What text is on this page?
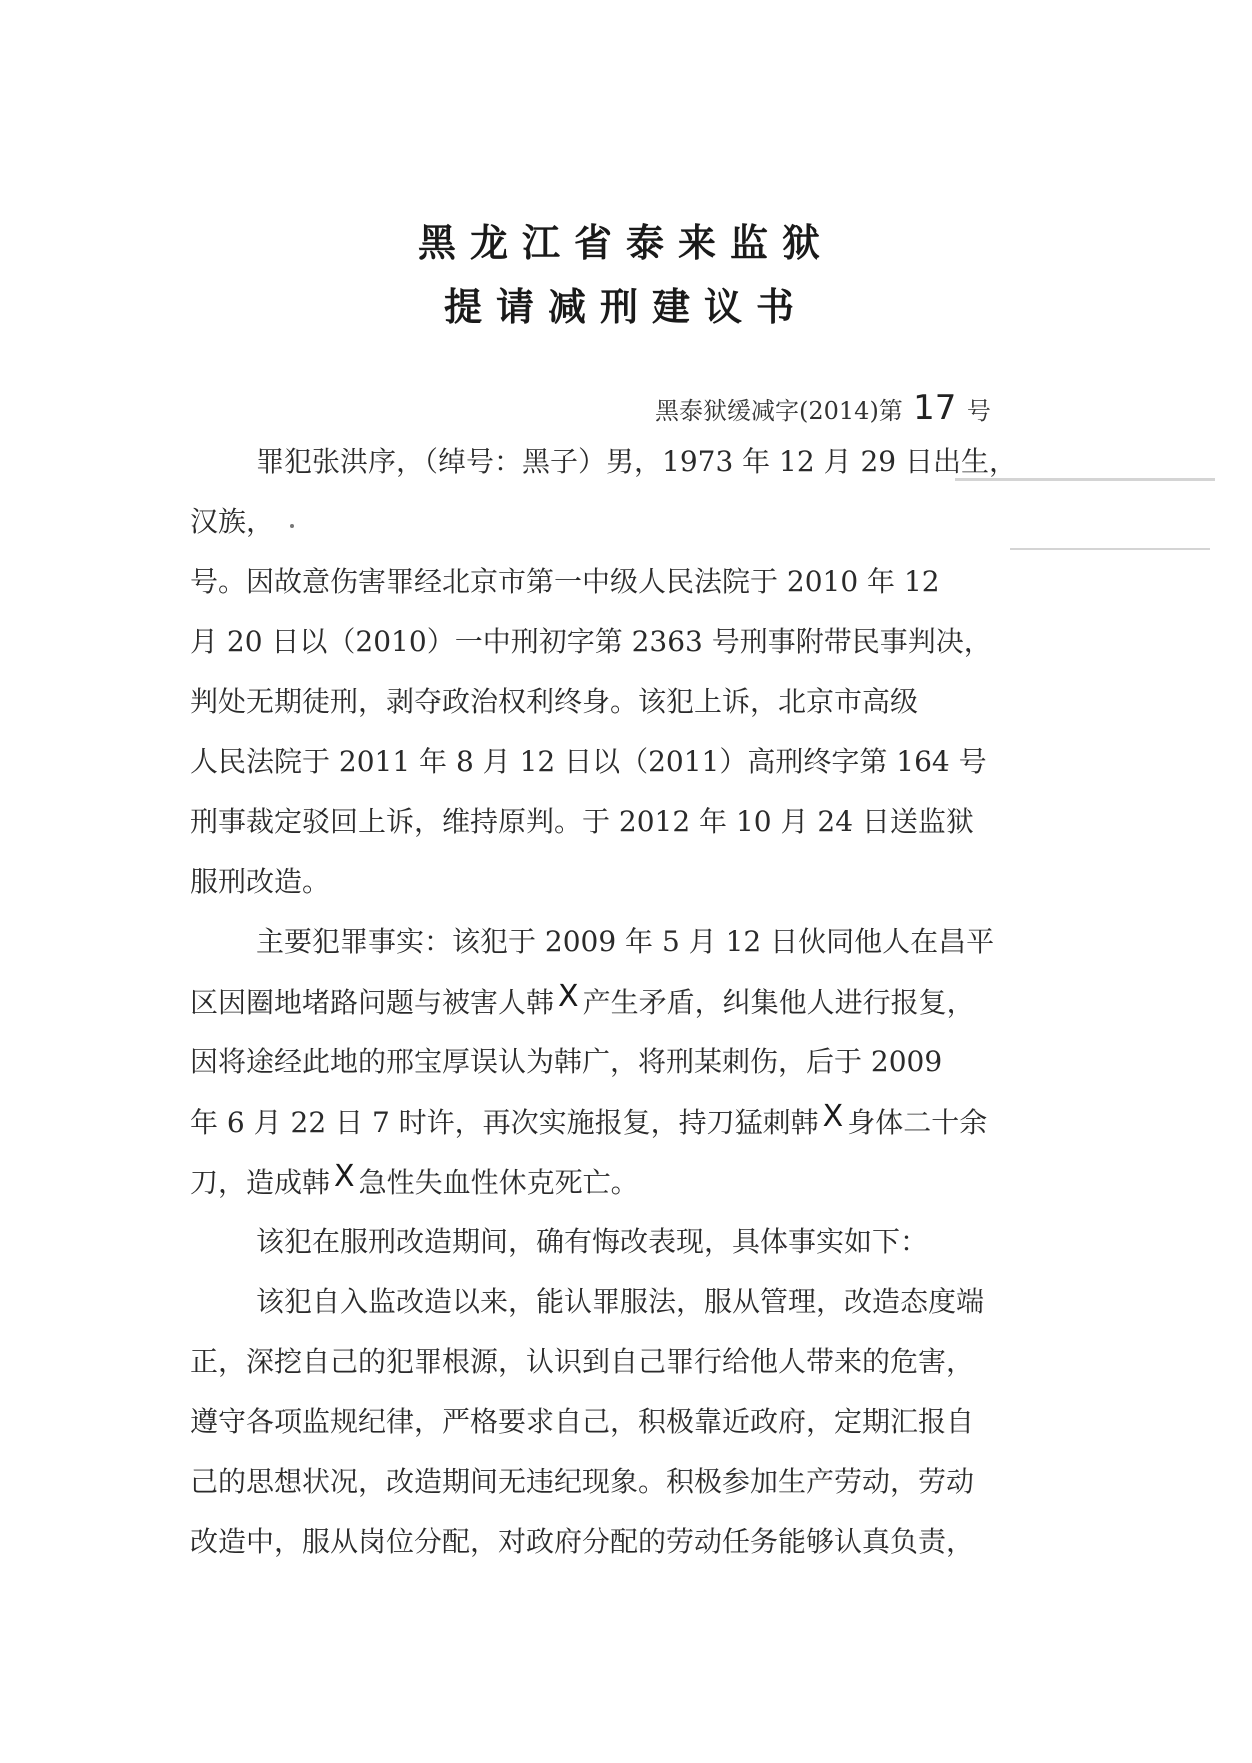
黑龙江省泰来监狱
提请减刑建议书
黑泰狱缓减字(2014)第 17 号
罪犯张洪序，（绰号：黑子）男，1973 年 12 月 29 日出生，
汉族，
号。因故意伤害罪经北京市第一中级人民法院于 2010 年 12
月 20 日以（2010）一中刑初字第 2363 号刑事附带民事判决，
判处无期徒刑，剥夺政治权利终身。该犯上诉，北京市高级
人民法院于 2011 年 8 月 12 日以（2011）高刑终字第 164 号
刑事裁定驳回上诉，维持原判。于 2012 年 10 月 24 日送监狱
服刑改造。
主要犯罪事实：该犯于 2009 年 5 月 12 日伙同他人在昌平
区因圈地堵路问题与被害人韩 X 产生矛盾，纠集他人进行报复，
因将途经此地的邢宝厚误认为韩广，将刑某刺伤，后于 2009
年 6 月 22 日 7 时许，再次实施报复，持刀猛刺韩 X 身体二十余
刀，造成韩 X 急性失血性休克死亡。
该犯在服刑改造期间，确有悔改表现，具体事实如下：
该犯自入监改造以来，能认罪服法，服从管理，改造态度端
正，深挖自己的犯罪根源，认识到自己罪行给他人带来的危害，
遵守各项监规纪律，严格要求自己，积极靠近政府，定期汇报自
己的思想状况，改造期间无违纪现象。积极参加生产劳动，劳动
改造中，服从岗位分配，对政府分配的劳动任务能够认真负责，
